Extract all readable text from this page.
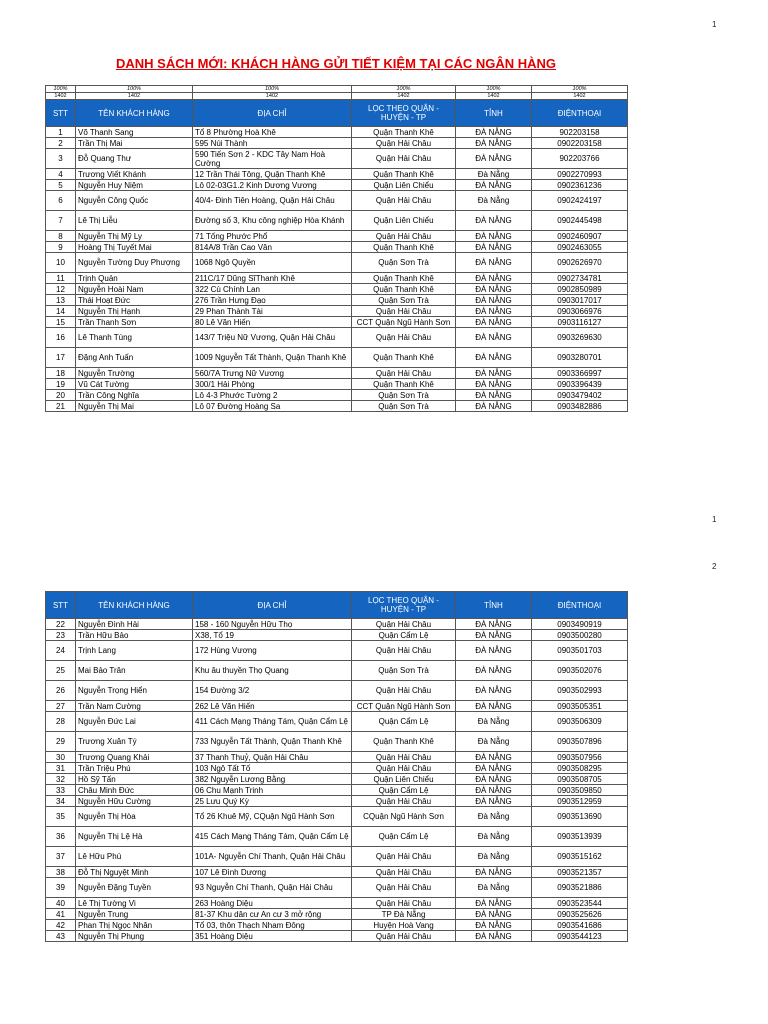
1
DANH SÁCH MỚI: KHÁCH HÀNG GỬI TIẾT KIỆM TẠI CÁC NGÂN HÀNG
100%	100%	100%	100%	100%	100%
1402	1402	1402	1402	1402	1402
STT	TÊN KHÁCH HÀNG	ĐỊA CHỈ	LỌC THEO QUẬN - HUYỆN - TP	TỈNH	ĐIỆNTHOẠI
1	Võ Thanh Sang	Tổ 8 Phường Hoà Khê	Quận Thanh Khê	ĐÀ NẴNG	902203158
2	Trần Thị Mai	595 Núi Thành	Quận Hải Châu	ĐÀ NẴNG	0902203158
3	Đỗ Quang Thư	590 Tiến Sơn 2 - KDC Tây Nam Hoà Cường	Quận Hải Châu	ĐÀ NẴNG	902203766
4	Trương Viết Khánh	12 Trần Thái Tông, Quận Thanh Khê	Quận Thanh Khê	Đà Nẵng	0902270993
5	Nguyễn Huy Niệm	Lô 02-03G1.2 Kinh Dương Vương	Quận Liên Chiểu	ĐÀ NẴNG	0902361236
6	Nguyễn Công Quốc	40/4- Đinh Tiên Hoàng, Quận Hải Châu	Quận Hải Châu	Đà Nẵng	0902424197
7	Lê Thị Liễu	Đường số 3, Khu công nghiệp Hòa Khánh	Quận Liên Chiểu	ĐÀ NẴNG	0902445498
8	Nguyễn Thị Mỹ Ly	71 Tống Phước Phổ	Quận Hải Châu	ĐÀ NẴNG	0902460907
9	Hoàng Thị Tuyết Mai	814A/8 Trần Cao Vân	Quận Thanh Khê	ĐÀ NẴNG	0902463055
10	Nguyễn Tường Duy Phượng	1068 Ngô Quyền	Quận Sơn Trà	ĐÀ NẴNG	0902626970
11	Trịnh Quản	211C/17 Dũng SĩThanh Khê	Quận Thanh Khê	ĐÀ NẴNG	0902734781
12	Nguyễn Hoài Nam	322 Cù Chính Lan	Quận Thanh Khê	ĐÀ NẴNG	0902850989
13	Thái Hoạt Đức	276 Trần Hưng Đạo	Quận Sơn Trà	ĐÀ NẴNG	0903017017
14	Nguyễn Thị Hạnh	29 Phan Thành Tài	Quận Hải Châu	ĐÀ NẴNG	0903066976
15	Trần Thanh Sơn	80 Lê Văn Hiến	CCT Quận Ngũ Hành Sơn	ĐÀ NẴNG	0903116127
16	Lê Thanh Tùng	143/7 Triệu Nữ Vương, Quận Hải Châu	Quận Hải Châu	ĐÀ NẴNG	0903269630
17	Đặng Anh Tuấn	1009 Nguyễn Tất Thành, Quận Thanh Khê	Quận Thanh Khê	ĐÀ NẴNG	0903280701
18	Nguyễn Trường	560/7A Trưng Nữ Vương	Quận Hải Châu	ĐÀ NẴNG	0903366997
19	Vũ Cát Tường	300/1 Hải Phòng	Quận Thanh Khê	ĐÀ NẴNG	0903396439
20	Trần Công Nghĩa	Lô 4-3 Phước Tường 2	Quận Sơn Trà	ĐÀ NẴNG	0903479402
21	Nguyễn Thị Mai	Lô 07 Đường Hoàng Sa	Quận Sơn Trà	ĐÀ NẴNG	0903482886
1
2
STT	TÊN KHÁCH HÀNG	ĐỊA CHỈ	LỌC THEO QUẬN - HUYỆN - TP	TỈNH	ĐIỆNTHOẠI
22	Nguyễn Đình Hải	158 - 160 Nguyễn Hữu Thọ	Quận Hải Châu	ĐÀ NẴNG	0903490919
23	Trần Hữu Bảo	X38, Tổ 19	Quận Cẩm Lệ	ĐÀ NẴNG	0903500280
24	Trịnh Lang	172 Hùng Vương	Quận Hải Châu	ĐÀ NẴNG	0903501703
25	Mai Bảo Trân	Khu âu thuyền Thọ Quang	Quận Sơn Trà	ĐÀ NẴNG	0903502076
26	Nguyễn Trọng Hiển	154 Đường 3/2	Quận Hải Châu	ĐÀ NẴNG	0903502993
27	Trần Nam Cường	262 Lê Văn Hiến	CCT Quận Ngũ Hành Sơn	ĐÀ NẴNG	0903505351
28	Nguyễn Đức Lai	411 Cách Mạng Tháng Tám, Quận Cẩm Lệ	Quận Cẩm Lệ	Đà Nẵng	0903506309
29	Trương Xuân Tý	733 Nguyễn Tất Thành, Quận Thanh Khê	Quận Thanh Khê	Đà Nẵng	0903507896
30	Trương Quang Khải	37 Thanh Thuỷ, Quận Hải Châu	Quận Hải Châu	ĐÀ NẴNG	0903507956
31	Trần Triệu Phú	103 Ngô Tất Tố	Quận Hải Châu	ĐÀ NẴNG	0903508295
32	Hồ Sỹ Tấn	382 Nguyễn Lương Bằng	Quận Liên Chiểu	ĐÀ NẴNG	0903508705
33	Châu Minh Đức	06 Chu Mạnh Trinh	Quận Cẩm Lệ	ĐÀ NẴNG	0903509850
34	Nguyễn Hữu Cường	25 Lưu Quý Kỳ	Quận Hải Châu	ĐÀ NẴNG	0903512959
35	Nguyễn Thị Hòa	Tổ 26 Khuê Mỹ, CQuận Ngũ Hành Sơn	CQuận Ngũ Hành Sơn	Đà Nẵng	0903513690
36	Nguyễn Thị Lệ Hà	415 Cách Mạng Tháng Tám, Quận Cẩm Lệ	Quận Cẩm Lệ	Đà Nẵng	0903513939
37	Lê Hữu Phú	101A- Nguyễn Chí Thanh, Quận Hải Châu	Quận Hải Châu	Đà Nẵng	0903515162
38	Đỗ Thị Nguyệt Minh	107 Lê Đình Dương	Quận Hải Châu	ĐÀ NẴNG	0903521357
39	Nguyễn Đặng Tuyền	93 Nguyễn Chí Thanh, Quận Hải Châu	Quận Hải Châu	Đà Nẵng	0903521886
40	Lê Thị Tường Vi	263 Hoàng Diệu	Quận Hải Châu	ĐÀ NẴNG	0903523544
41	Nguyễn Trung	81-37 Khu dân cư An cư 3 mở rộng	TP Đà Nẵng	ĐÀ NẴNG	0903525626
42	Phan Thị Ngọc Nhân	Tổ 03, thôn Thạch Nham Đông	Huyện Hoà Vang	ĐÀ NẴNG	0903541686
43	Nguyễn Thị Phụng	351 Hoàng Diệu	Quận Hải Châu	ĐÀ NẴNG	0903544123
